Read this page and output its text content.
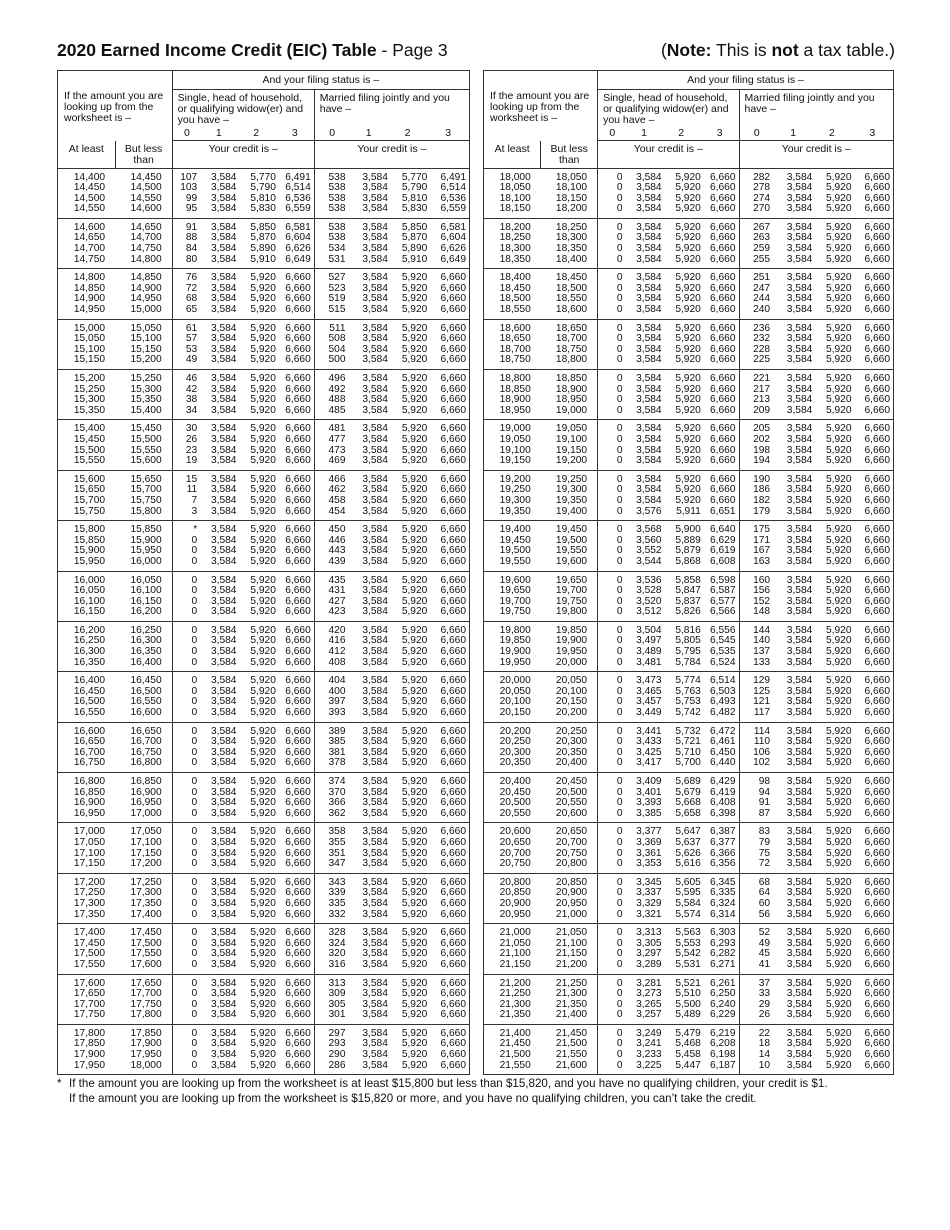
2020 Earned Income Credit (EIC) Table - Page 3	(Note: This is not a tax table.)
If the amount you are looking up from the worksheet is –		And your filing status is –							
		Single, head of household, or qualifying widow(er) and you have –				Married filing jointly and you have –			
		0	1	2	3	0	1	2	3
At least	But less than	Your credit is –				Your credit is –			
14,400	14,450	107	3,584	5,770	6,491	538	3,584	5,770	6,491
14,450	14,500	103	3,584	5,790	6,514	538	3,584	5,790	6,514
14,500	14,550	99	3,584	5,810	6,536	538	3,584	5,810	6,536
14,550	14,600	95	3,584	5,830	6,559	538	3,584	5,830	6,559
14,600	14,650	91	3,584	5,850	6,581	538	3,584	5,850	6,581
14,650	14,700	88	3,584	5,870	6,604	538	3,584	5,870	6,604
14,700	14,750	84	3,584	5,890	6,626	534	3,584	5,890	6,626
14,750	14,800	80	3,584	5,910	6,649	531	3,584	5,910	6,649
14,800	14,850	76	3,584	5,920	6,660	527	3,584	5,920	6,660
14,850	14,900	72	3,584	5,920	6,660	523	3,584	5,920	6,660
14,900	14,950	68	3,584	5,920	6,660	519	3,584	5,920	6,660
14,950	15,000	65	3,584	5,920	6,660	515	3,584	5,920	6,660
15,000	15,050	61	3,584	5,920	6,660	511	3,584	5,920	6,660
15,050	15,100	57	3,584	5,920	6,660	508	3,584	5,920	6,660
15,100	15,150	53	3,584	5,920	6,660	504	3,584	5,920	6,660
15,150	15,200	49	3,584	5,920	6,660	500	3,584	5,920	6,660
15,200	15,250	46	3,584	5,920	6,660	496	3,584	5,920	6,660
15,250	15,300	42	3,584	5,920	6,660	492	3,584	5,920	6,660
15,300	15,350	38	3,584	5,920	6,660	488	3,584	5,920	6,660
15,350	15,400	34	3,584	5,920	6,660	485	3,584	5,920	6,660
15,400	15,450	30	3,584	5,920	6,660	481	3,584	5,920	6,660
15,450	15,500	26	3,584	5,920	6,660	477	3,584	5,920	6,660
15,500	15,550	23	3,584	5,920	6,660	473	3,584	5,920	6,660
15,550	15,600	19	3,584	5,920	6,660	469	3,584	5,920	6,660
15,600	15,650	15	3,584	5,920	6,660	466	3,584	5,920	6,660
15,650	15,700	11	3,584	5,920	6,660	462	3,584	5,920	6,660
15,700	15,750	7	3,584	5,920	6,660	458	3,584	5,920	6,660
15,750	15,800	3	3,584	5,920	6,660	454	3,584	5,920	6,660
15,800	15,850	*	3,584	5,920	6,660	450	3,584	5,920	6,660
15,850	15,900	0	3,584	5,920	6,660	446	3,584	5,920	6,660
15,900	15,950	0	3,584	5,920	6,660	443	3,584	5,920	6,660
15,950	16,000	0	3,584	5,920	6,660	439	3,584	5,920	6,660
16,000	16,050	0	3,584	5,920	6,660	435	3,584	5,920	6,660
16,050	16,100	0	3,584	5,920	6,660	431	3,584	5,920	6,660
16,100	16,150	0	3,584	5,920	6,660	427	3,584	5,920	6,660
16,150	16,200	0	3,584	5,920	6,660	423	3,584	5,920	6,660
16,200	16,250	0	3,584	5,920	6,660	420	3,584	5,920	6,660
16,250	16,300	0	3,584	5,920	6,660	416	3,584	5,920	6,660
16,300	16,350	0	3,584	5,920	6,660	412	3,584	5,920	6,660
16,350	16,400	0	3,584	5,920	6,660	408	3,584	5,920	6,660
16,400	16,450	0	3,584	5,920	6,660	404	3,584	5,920	6,660
16,450	16,500	0	3,584	5,920	6,660	400	3,584	5,920	6,660
16,500	16,550	0	3,584	5,920	6,660	397	3,584	5,920	6,660
16,550	16,600	0	3,584	5,920	6,660	393	3,584	5,920	6,660
16,600	16,650	0	3,584	5,920	6,660	389	3,584	5,920	6,660
16,650	16,700	0	3,584	5,920	6,660	385	3,584	5,920	6,660
16,700	16,750	0	3,584	5,920	6,660	381	3,584	5,920	6,660
16,750	16,800	0	3,584	5,920	6,660	378	3,584	5,920	6,660
16,800	16,850	0	3,584	5,920	6,660	374	3,584	5,920	6,660
16,850	16,900	0	3,584	5,920	6,660	370	3,584	5,920	6,660
16,900	16,950	0	3,584	5,920	6,660	366	3,584	5,920	6,660
16,950	17,000	0	3,584	5,920	6,660	362	3,584	5,920	6,660
17,000	17,050	0	3,584	5,920	6,660	358	3,584	5,920	6,660
17,050	17,100	0	3,584	5,920	6,660	355	3,584	5,920	6,660
17,100	17,150	0	3,584	5,920	6,660	351	3,584	5,920	6,660
17,150	17,200	0	3,584	5,920	6,660	347	3,584	5,920	6,660
17,200	17,250	0	3,584	5,920	6,660	343	3,584	5,920	6,660
17,250	17,300	0	3,584	5,920	6,660	339	3,584	5,920	6,660
17,300	17,350	0	3,584	5,920	6,660	335	3,584	5,920	6,660
17,350	17,400	0	3,584	5,920	6,660	332	3,584	5,920	6,660
17,400	17,450	0	3,584	5,920	6,660	328	3,584	5,920	6,660
17,450	17,500	0	3,584	5,920	6,660	324	3,584	5,920	6,660
17,500	17,550	0	3,584	5,920	6,660	320	3,584	5,920	6,660
17,550	17,600	0	3,584	5,920	6,660	316	3,584	5,920	6,660
17,600	17,650	0	3,584	5,920	6,660	313	3,584	5,920	6,660
17,650	17,700	0	3,584	5,920	6,660	309	3,584	5,920	6,660
17,700	17,750	0	3,584	5,920	6,660	305	3,584	5,920	6,660
17,750	17,800	0	3,584	5,920	6,660	301	3,584	5,920	6,660
17,800	17,850	0	3,584	5,920	6,660	297	3,584	5,920	6,660
17,850	17,900	0	3,584	5,920	6,660	293	3,584	5,920	6,660
17,900	17,950	0	3,584	5,920	6,660	290	3,584	5,920	6,660
17,950	18,000	0	3,584	5,920	6,660	286	3,584	5,920	6,660
If the amount you are looking up from the worksheet is –		And your filing status is –							
		Single, head of household, or qualifying widow(er) and you have –				Married filing jointly and you have –			
		0	1	2	3	0	1	2	3
At least	But less than	Your credit is –				Your credit is –			
18,000	18,050	0	3,584	5,920	6,660	282	3,584	5,920	6,660
18,050	18,100	0	3,584	5,920	6,660	278	3,584	5,920	6,660
18,100	18,150	0	3,584	5,920	6,660	274	3,584	5,920	6,660
18,150	18,200	0	3,584	5,920	6,660	270	3,584	5,920	6,660
18,200	18,250	0	3,584	5,920	6,660	267	3,584	5,920	6,660
18,250	18,300	0	3,584	5,920	6,660	263	3,584	5,920	6,660
18,300	18,350	0	3,584	5,920	6,660	259	3,584	5,920	6,660
18,350	18,400	0	3,584	5,920	6,660	255	3,584	5,920	6,660
18,400	18,450	0	3,584	5,920	6,660	251	3,584	5,920	6,660
18,450	18,500	0	3,584	5,920	6,660	247	3,584	5,920	6,660
18,500	18,550	0	3,584	5,920	6,660	244	3,584	5,920	6,660
18,550	18,600	0	3,584	5,920	6,660	240	3,584	5,920	6,660
18,600	18,650	0	3,584	5,920	6,660	236	3,584	5,920	6,660
18,650	18,700	0	3,584	5,920	6,660	232	3,584	5,920	6,660
18,700	18,750	0	3,584	5,920	6,660	228	3,584	5,920	6,660
18,750	18,800	0	3,584	5,920	6,660	225	3,584	5,920	6,660
18,800	18,850	0	3,584	5,920	6,660	221	3,584	5,920	6,660
18,850	18,900	0	3,584	5,920	6,660	217	3,584	5,920	6,660
18,900	18,950	0	3,584	5,920	6,660	213	3,584	5,920	6,660
18,950	19,000	0	3,584	5,920	6,660	209	3,584	5,920	6,660
19,000	19,050	0	3,584	5,920	6,660	205	3,584	5,920	6,660
19,050	19,100	0	3,584	5,920	6,660	202	3,584	5,920	6,660
19,100	19,150	0	3,584	5,920	6,660	198	3,584	5,920	6,660
19,150	19,200	0	3,584	5,920	6,660	194	3,584	5,920	6,660
19,200	19,250	0	3,584	5,920	6,660	190	3,584	5,920	6,660
19,250	19,300	0	3,584	5,920	6,660	186	3,584	5,920	6,660
19,300	19,350	0	3,584	5,920	6,660	182	3,584	5,920	6,660
19,350	19,400	0	3,576	5,911	6,651	179	3,584	5,920	6,660
19,400	19,450	0	3,568	5,900	6,640	175	3,584	5,920	6,660
19,450	19,500	0	3,560	5,889	6,629	171	3,584	5,920	6,660
19,500	19,550	0	3,552	5,879	6,619	167	3,584	5,920	6,660
19,550	19,600	0	3,544	5,868	6,608	163	3,584	5,920	6,660
19,600	19,650	0	3,536	5,858	6,598	160	3,584	5,920	6,660
19,650	19,700	0	3,528	5,847	6,587	156	3,584	5,920	6,660
19,700	19,750	0	3,520	5,837	6,577	152	3,584	5,920	6,660
19,750	19,800	0	3,512	5,826	6,566	148	3,584	5,920	6,660
19,800	19,850	0	3,504	5,816	6,556	144	3,584	5,920	6,660
19,850	19,900	0	3,497	5,805	6,545	140	3,584	5,920	6,660
19,900	19,950	0	3,489	5,795	6,535	137	3,584	5,920	6,660
19,950	20,000	0	3,481	5,784	6,524	133	3,584	5,920	6,660
20,000	20,050	0	3,473	5,774	6,514	129	3,584	5,920	6,660
20,050	20,100	0	3,465	5,763	6,503	125	3,584	5,920	6,660
20,100	20,150	0	3,457	5,753	6,493	121	3,584	5,920	6,660
20,150	20,200	0	3,449	5,742	6,482	117	3,584	5,920	6,660
20,200	20,250	0	3,441	5,732	6,472	114	3,584	5,920	6,660
20,250	20,300	0	3,433	5,721	6,461	110	3,584	5,920	6,660
20,300	20,350	0	3,425	5,710	6,450	106	3,584	5,920	6,660
20,350	20,400	0	3,417	5,700	6,440	102	3,584	5,920	6,660
20,400	20,450	0	3,409	5,689	6,429	98	3,584	5,920	6,660
20,450	20,500	0	3,401	5,679	6,419	94	3,584	5,920	6,660
20,500	20,550	0	3,393	5,668	6,408	91	3,584	5,920	6,660
20,550	20,600	0	3,385	5,658	6,398	87	3,584	5,920	6,660
20,600	20,650	0	3,377	5,647	6,387	83	3,584	5,920	6,660
20,650	20,700	0	3,369	5,637	6,377	79	3,584	5,920	6,660
20,700	20,750	0	3,361	5,626	6,366	75	3,584	5,920	6,660
20,750	20,800	0	3,353	5,616	6,356	72	3,584	5,920	6,660
20,800	20,850	0	3,345	5,605	6,345	68	3,584	5,920	6,660
20,850	20,900	0	3,337	5,595	6,335	64	3,584	5,920	6,660
20,900	20,950	0	3,329	5,584	6,324	60	3,584	5,920	6,660
20,950	21,000	0	3,321	5,574	6,314	56	3,584	5,920	6,660
21,000	21,050	0	3,313	5,563	6,303	52	3,584	5,920	6,660
21,050	21,100	0	3,305	5,553	6,293	49	3,584	5,920	6,660
21,100	21,150	0	3,297	5,542	6,282	45	3,584	5,920	6,660
21,150	21,200	0	3,289	5,531	6,271	41	3,584	5,920	6,660
21,200	21,250	0	3,281	5,521	6,261	37	3,584	5,920	6,660
21,250	21,300	0	3,273	5,510	6,250	33	3,584	5,920	6,660
21,300	21,350	0	3,265	5,500	6,240	29	3,584	5,920	6,660
21,350	21,400	0	3,257	5,489	6,229	26	3,584	5,920	6,660
21,400	21,450	0	3,249	5,479	6,219	22	3,584	5,920	6,660
21,450	21,500	0	3,241	5,468	6,208	18	3,584	5,920	6,660
21,500	21,550	0	3,233	5,458	6,198	14	3,584	5,920	6,660
21,550	21,600	0	3,225	5,447	6,187	10	3,584	5,920	6,660
* If the amount you are looking up from the worksheet is at least $15,800 but less than $15,820, and you have no qualifying children, your credit is $1.
If the amount you are looking up from the worksheet is $15,820 or more, and you have no qualifying children, you can’t take the credit.
